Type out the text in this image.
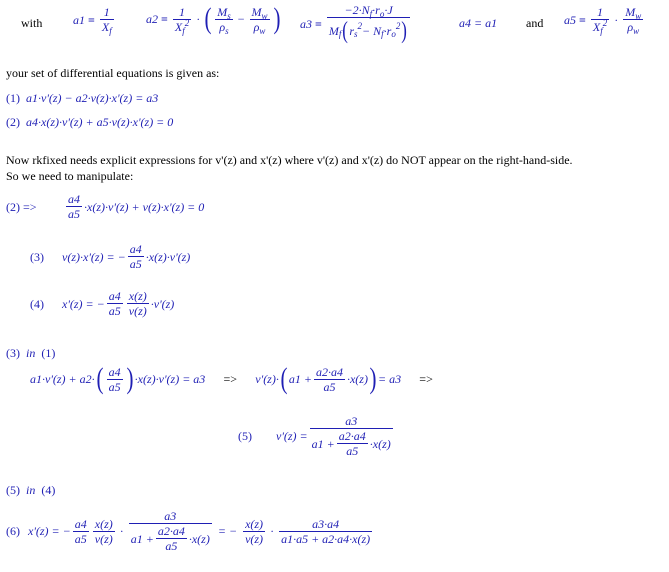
with	$a1 = \frac{1}{X_f}$	$a2 = \frac{1}{X_f^2}$ · ( $\frac{M_s}{\rho_s} - \frac{M_w}{\rho_w}$ ) $a3 = -2\cdot N_f\cdot r_o\cdot J$
M f ( r s
2 − N f ·r o
2 )	a4 = a1 and $a5 = \frac{1}{X_f^2} \cdot \frac{M_w}{\rho_w}$
your set of differential equations is given as:
(1) a1·v'(z) − a2·v(z)·x'(z) = a3
(2) a4·x(z)·v'(z) + a5·v(z)·x'(z) = 0
Now rkfixed needs explicit expressions for v'(z) and x'(z) where v'(z) and x'(z) do NOT appear on the right-hand-side.
So we need to manipulate:
(2) =>	$\frac{a4}{a5} \cdot x(z)\cdot v'(z) + v(z)\cdot x'(z) = 0$
(3)	v(z)·x'(z) = − $\frac{a4}{a5} \cdot x(z)\cdot v'(z)$
(4)	x'(z) = − $\frac{a4}{a5} \frac{x(z)}{v(z)} \cdot v'(z)$
(3) in (1)
a1·v'(z) + a2· ( $\frac{a4}{a5}$ ) ·x(z)·v'(z) = a3	=>	v'(z)· ( $a1 + \frac{a2\cdot a4}{a5} \cdot x(z)$ ) = a3	=>
(5)	$v'(z) = \frac{a3}{a1 + \frac{a2\cdot a4}{a5} \cdot x(z)}$
(5) in (4)
(6) x'(z) = − $\frac{a4}{a5} \frac{x(z)}{v(z)} \cdot \frac{a3}{a1 + \frac{a2\cdot a4}{a5} \cdot x(z)}$ = − $\frac{x(z)}{v(z)} \cdot \frac{a3\cdot a4}{a1\cdot a5 + a2\cdot a4\cdot x(z)}$
